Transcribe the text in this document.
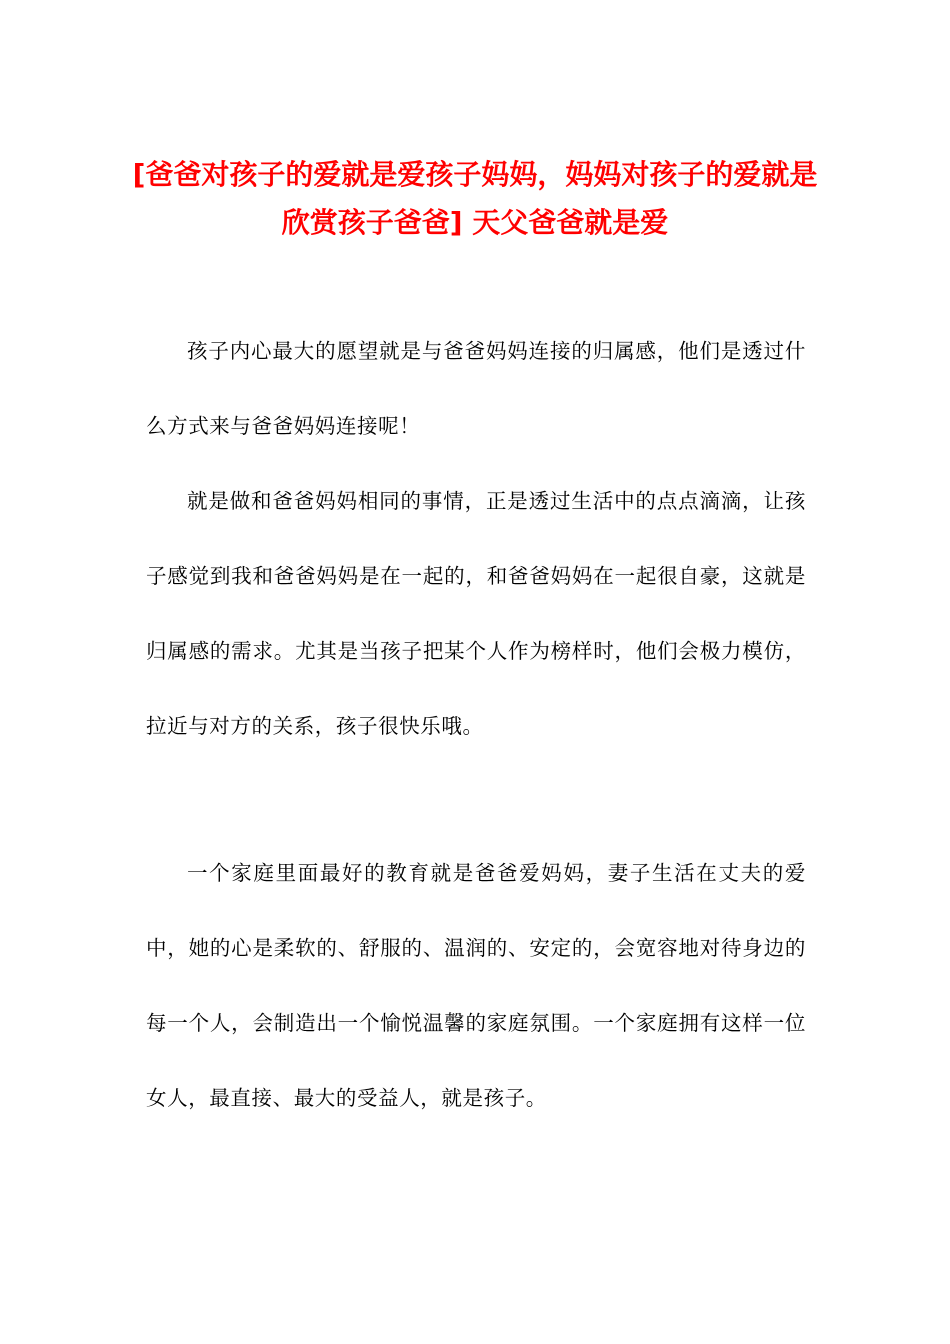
[爸爸对孩子的爱就是爱孩子妈妈，妈妈对孩子的爱就是欣赏孩子爸爸] 天父爸爸就是爱

孩子内心最大的愿望就是与爸爸妈妈连接的归属感，他们是透过什么方式来与爸爸妈妈连接呢！

就是做和爸爸妈妈相同的事情，正是透过生活中的点点滴滴，让孩子感觉到我和爸爸妈妈是在一起的，和爸爸妈妈在一起很自豪，这就是归属感的需求。尤其是当孩子把某个人作为榜样时，他们会极力模仿，拉近与对方的关系，孩子很快乐哦。

一个家庭里面最好的教育就是爸爸爱妈妈，妻子生活在丈夫的爱中，她的心是柔软的、舒服的、温润的、安定的，会宽容地对待身边的每一个人，会制造出一个愉悦温馨的家庭氛围。一个家庭拥有这样一位女人，最直接、最大的受益人，就是孩子。
